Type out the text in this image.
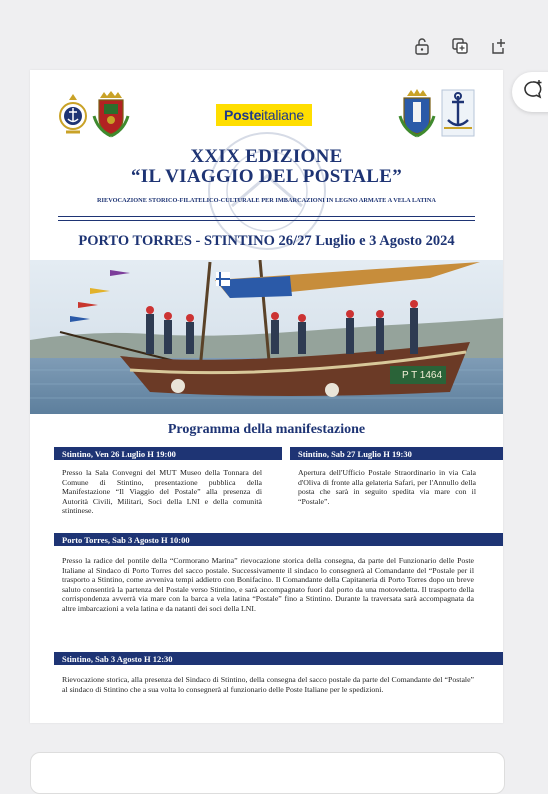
Poste italiane
XXIX EDIZIONE
“IL VIAGGIO DEL POSTALE”
RIEVOCAZIONE STORICO-FILATELICO-CULTURALE PER IMBARCAZIONI IN LEGNO ARMATE A VELA LATINA
PORTO TORRES - STINTINO 26/27 Luglio e 3 Agosto 2024
P T 1464
Programma della manifestazione
Stintino, Ven 26 Luglio H 19:00	Stintino, Sab 27 Luglio H 19:30
Presso la Sala Convegni del MUT Museo della Tonnara del Comune di Stintino, presentazione pubblica della Manifestazione “Il Viaggio del Postale” alla presenza di Autorità Civili, Militari, Soci della LNI e della comunità stintinese.
Apertura dell'Ufficio Postale Straordinario in via Cala d'Oliva di fronte alla gelateria Safari, per l'Annullo della posta che sarà in seguito spedita via mare con il “Postale”.
Porto Torres, Sab 3 Agosto H 10:00
Presso la radice del pontile della “Cormorano Marina” rievocazione storica della consegna, da parte del Funzionario delle Poste Italiane al Sindaco di Porto Torres del sacco postale. Successivamente il sindaco lo consegnerà al Comandante del “Postale per il trasporto a Stintino, come avveniva tempi addietro con Bonifacino. Il Comandante della Capitaneria di Porto Torres dopo un breve saluto consentirà la partenza del Postale verso Stintino, e sarà accompagnato fuori dal porto da una motovedetta. Il trasporto della corrispondenza avverrà via mare con la barca a vela latina “Postale” fino a Stintino. Durante la traversata sarà accompagnata da altre imbarcazioni a vela latina e da natanti dei soci della LNI.
Stintino, Sab 3 Agosto H 12:30
Rievocazione storica, alla presenza del Sindaco di Stintino, della consegna del sacco postale da parte del Comandante del “Postale” al sindaco di Stintino che a sua volta lo consegnerà al funzionario delle Poste Italiane per le spedizioni.
